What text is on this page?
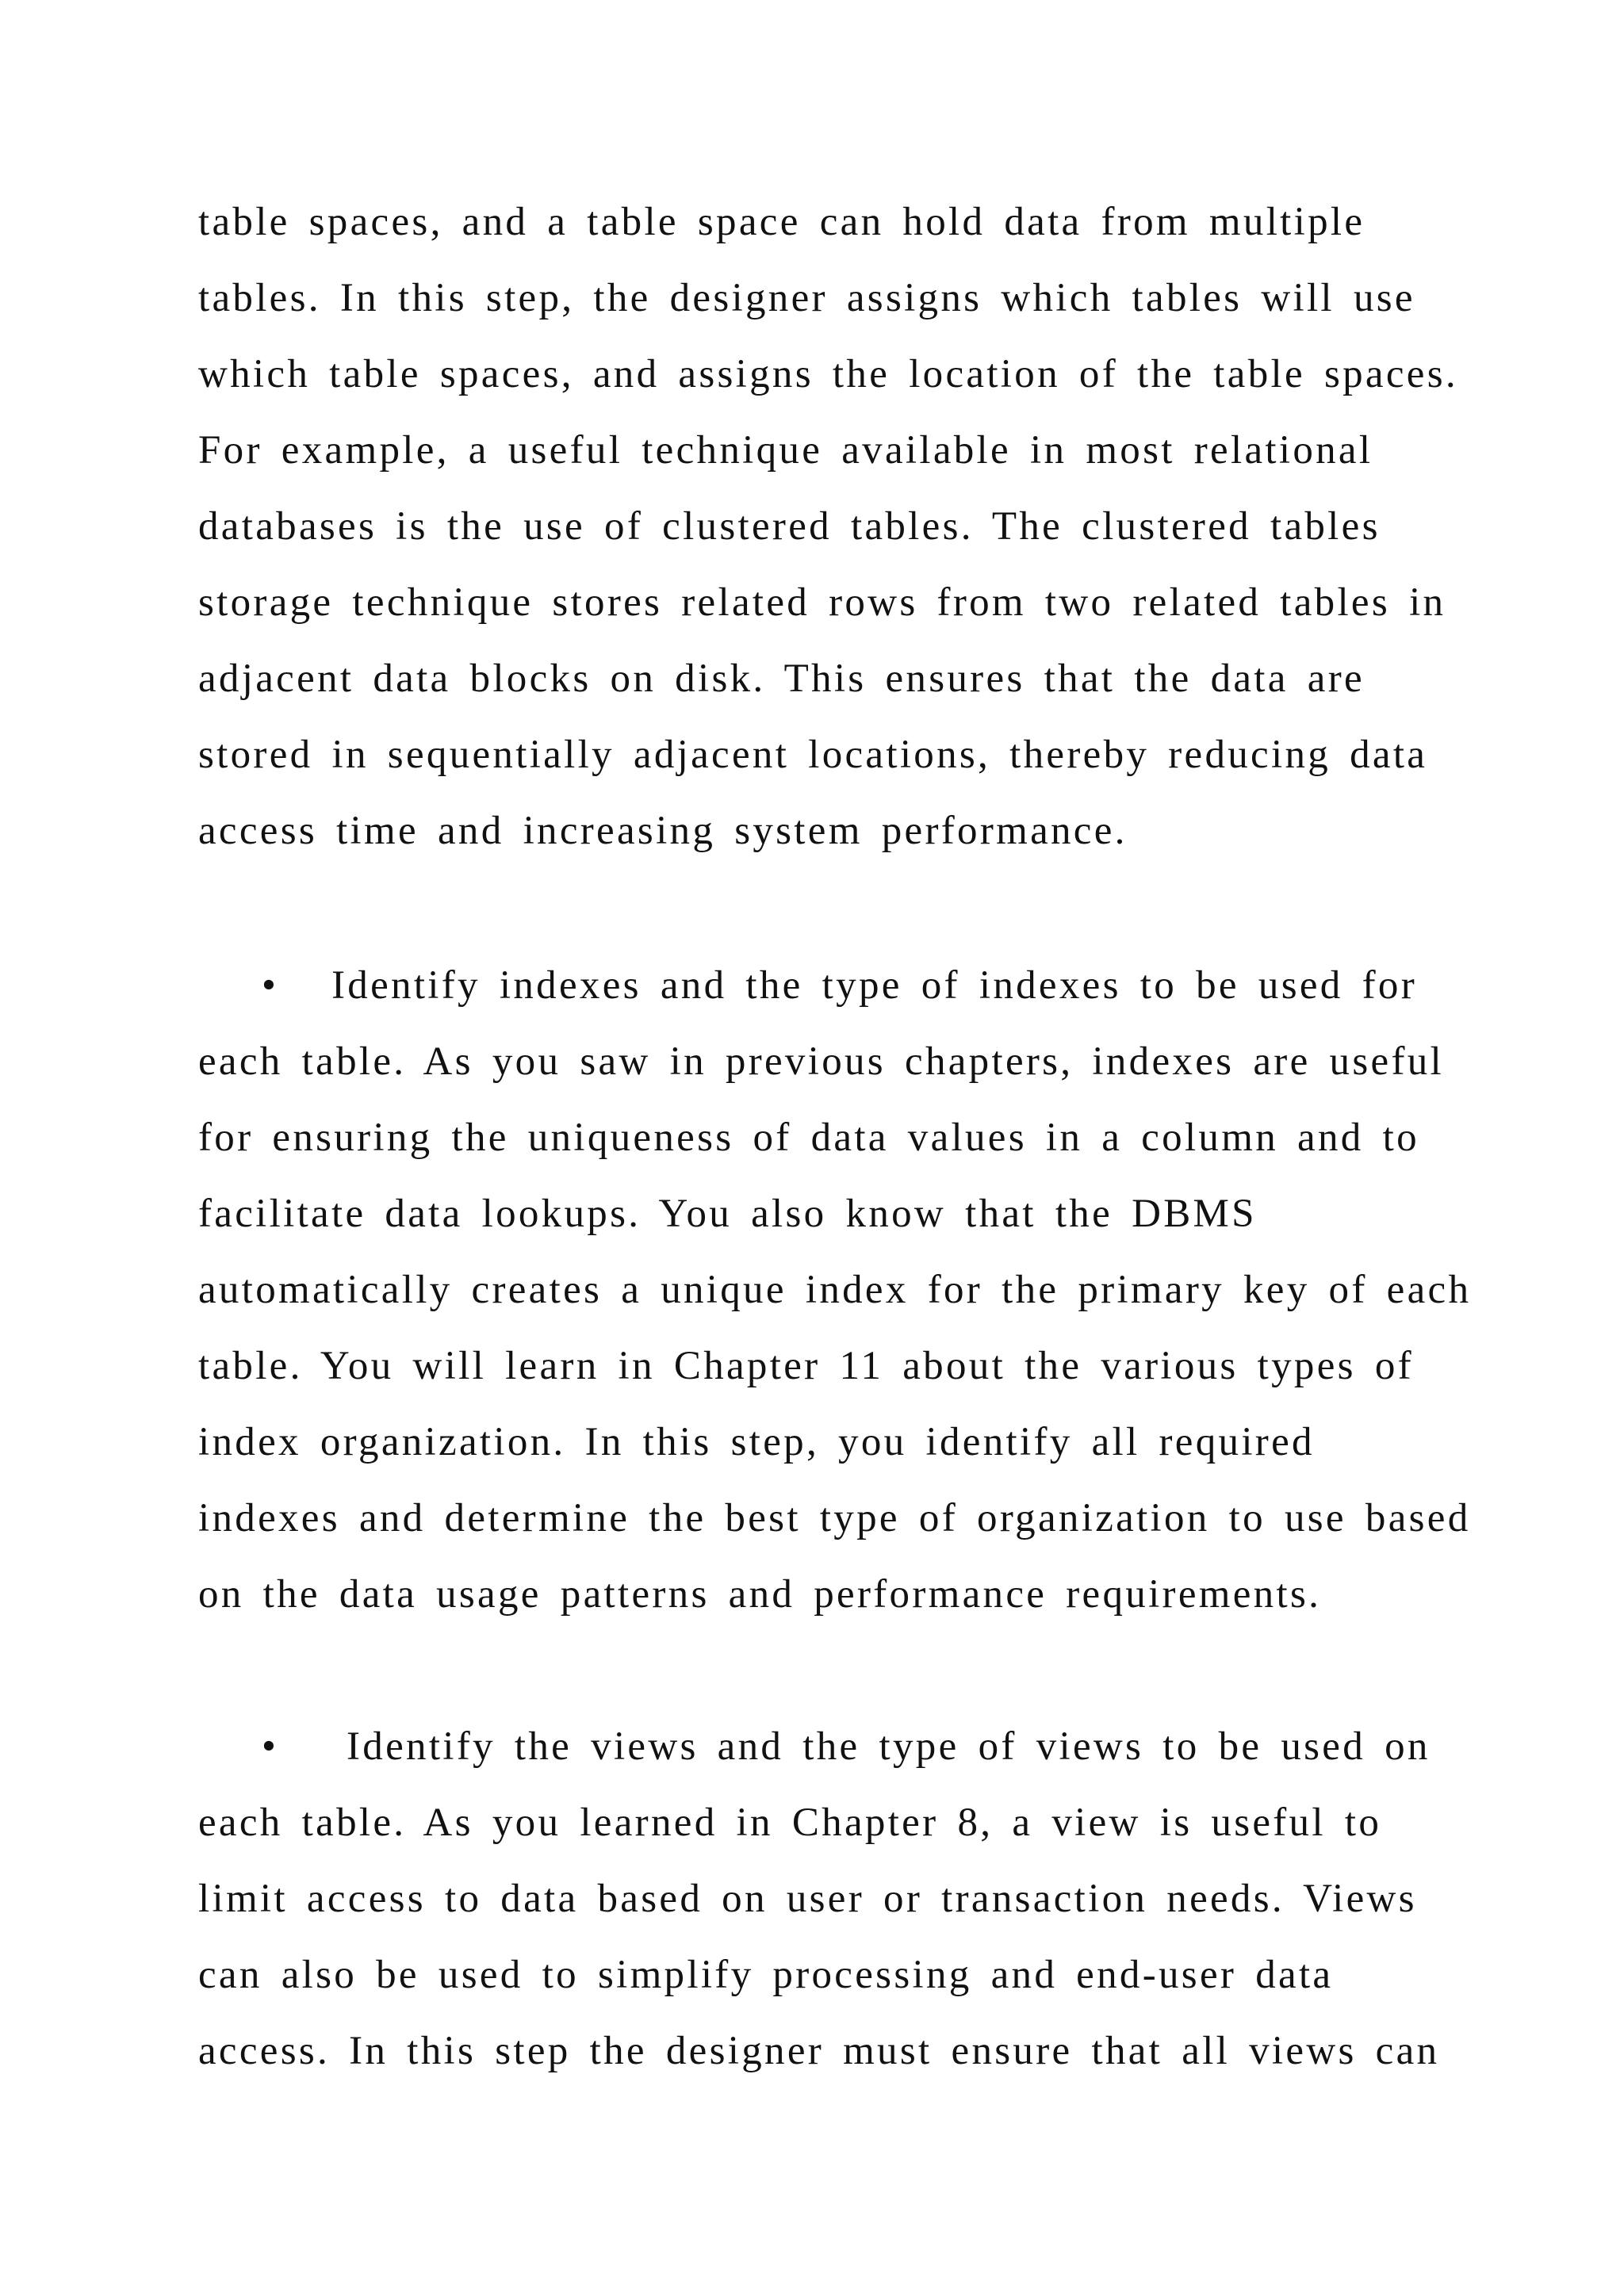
table spaces, and a table space can hold data from multiple

tables. In this step, the designer assigns which tables will use

which table spaces, and assigns the location of the table spaces.

For example, a useful technique available in most relational

databases is the use of clustered tables. The clustered tables

storage technique stores related rows from two related tables in

adjacent data blocks on disk. This ensures that the data are

stored in sequentially adjacent locations, thereby reducing data

access time and increasing system performance.

• Identify indexes and the type of indexes to be used for

each table. As you saw in previous chapters, indexes are useful

for ensuring the uniqueness of data values in a column and to

facilitate data lookups. You also know that the DBMS

automatically creates a unique index for the primary key of each

table. You will learn in Chapter 11 about the various types of

index organization. In this step, you identify all required

indexes and determine the best type of organization to use based

on the data usage patterns and performance requirements.

• Identify the views and the type of views to be used on

each table. As you learned in Chapter 8, a view is useful to

limit access to data based on user or transaction needs. Views

can also be used to simplify processing and end-user data

access. In this step the designer must ensure that all views can
